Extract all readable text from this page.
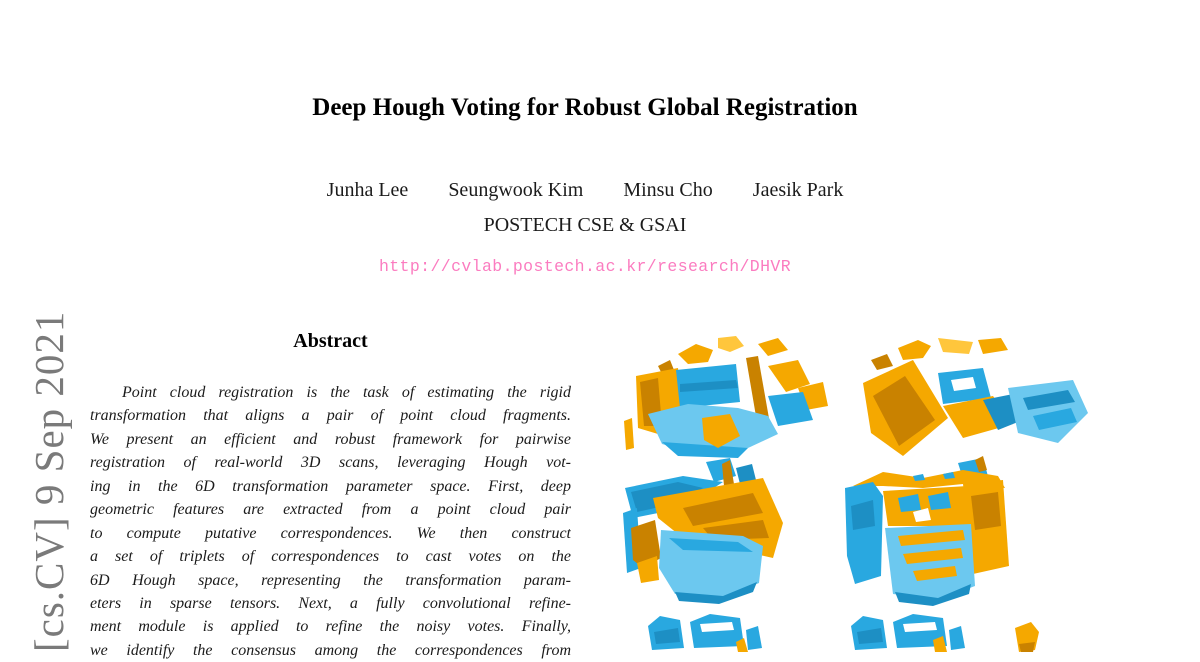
[cs.CV] 9 Sep 2021
Deep Hough Voting for Robust Global Registration
Junha Lee Seungwook Kim Minsu Cho Jaesik Park
POSTECH CSE & GSAI
http://cvlab.postech.ac.kr/research/DHVR
Abstract
Point cloud registration is the task of estimating the rigid
transformation that aligns a pair of point cloud fragments.
We present an efficient and robust framework for pairwise
registration of real-world 3D scans, leveraging Hough vot-
ing in the 6D transformation parameter space. First, deep
geometric features are extracted from a point cloud pair
to compute putative correspondences. We then construct
a set of triplets of correspondences to cast votes on the
6D Hough space, representing the transformation param-
eters in sparse tensors. Next, a fully convolutional refine-
ment module is applied to refine the noisy votes. Finally,
we identify the consensus among the correspondences from
